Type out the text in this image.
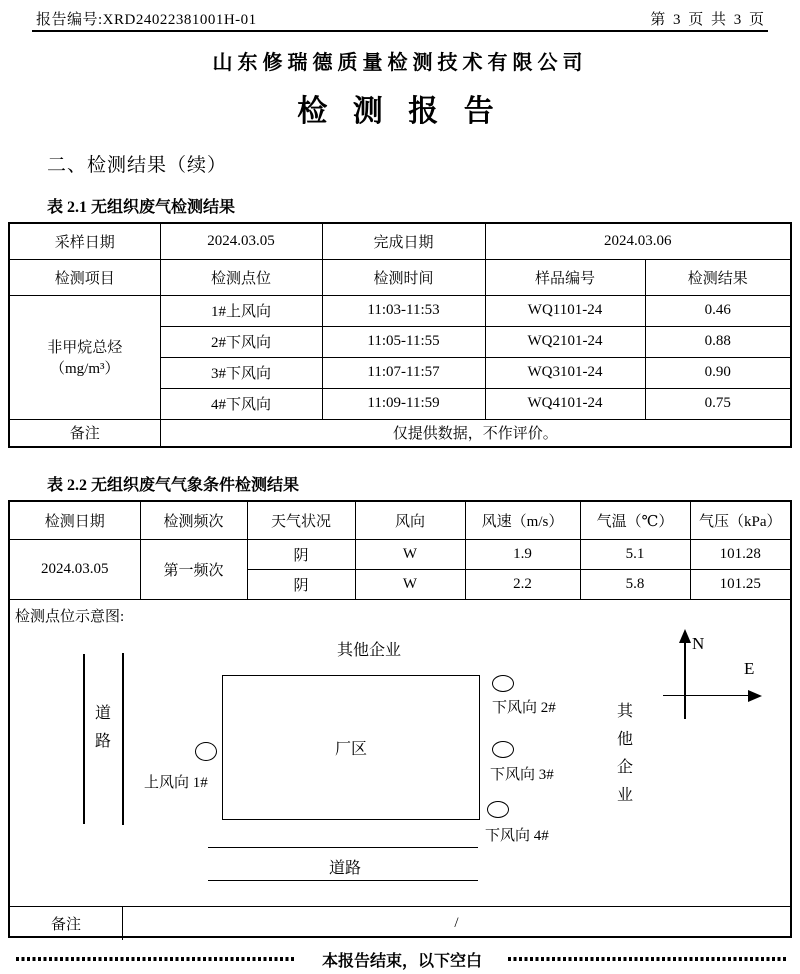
报告编号:XRD24022381001H-01	第 3 页 共 3 页
山东修瑞德质量检测技术有限公司
检 测 报 告
二、检测结果（续）
表 2.1 无组织废气检测结果
采样日期	2024.03.05	完成日期	2024.03.06	
检测项目	检测点位	检测时间	样品编号	检测结果

非甲烷总烃
（mg/m³）	1#上风向	11:03-11:53	WQ1101-24	0.46
	2#下风向	11:05-11:55	WQ2101-24	0.88
	3#下风向	11:07-11:57	WQ3101-24	0.90
	4#下风向	11:09-11:59	WQ4101-24	0.75
备注	仅提供数据，不作评价。			
表 2.2 无组织废气气象条件检测结果
检测日期	检测频次	天气状况	风向	风速（m/s）	气温（℃）	气压（kPa）
2024.03.05	第一频次	阴	W	1.9	5.1	101.28
		阴	W	2.2	5.8	101.25
检测点位示意图:
其他企业
道路	厂区
上风向 1#
下风向 2#
下风向 3#
下风向 4#
其他企业
道路
N
E
备注	/
本报告结束，以下空白
